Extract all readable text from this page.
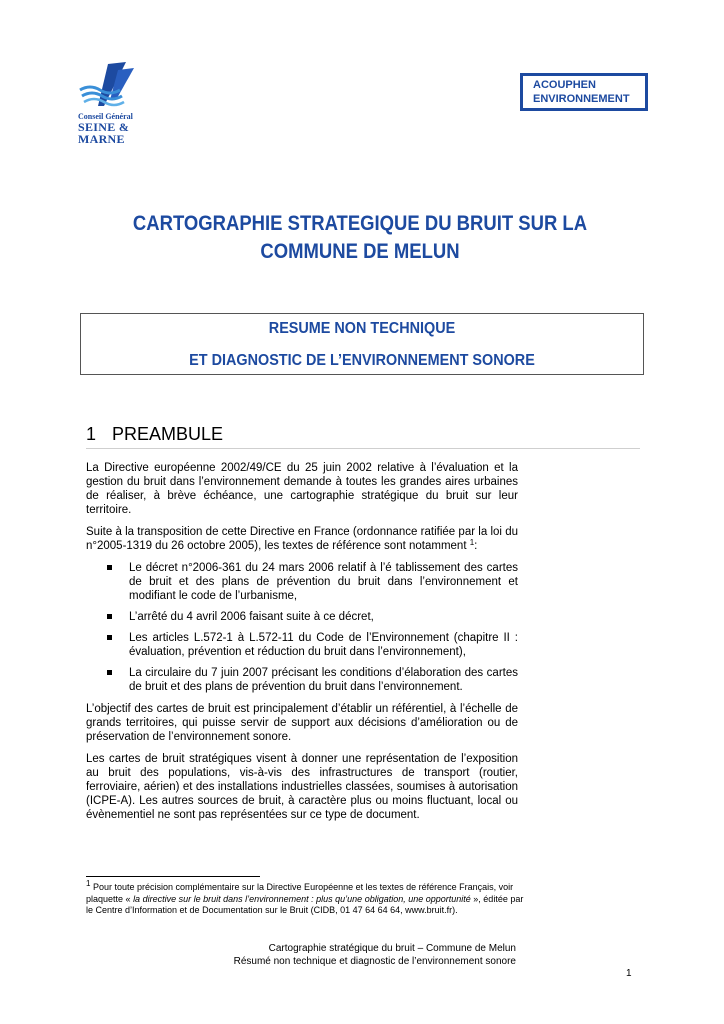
Conseil Général
SEINE &
MARNE
ACOUPHEN
ENVIRONNEMENT
CARTOGRAPHIE STRATEGIQUE DU BRUIT SUR LA
COMMUNE DE MELUN
RESUME NON TECHNIQUE
ET DIAGNOSTIC DE L’ENVIRONNEMENT SONORE
1 PREAMBULE

La Directive européenne 2002/49/CE du 25 juin 2002 relative à l’évaluation et la gestion du bruit dans l’environnement demande à toutes les grandes aires urbaines de réaliser, à brève échéance, une cartographie stratégique du bruit sur leur territoire.

Suite à la transposition de cette Directive en France (ordonnance ratifiée par la loi du n°2005-1319 du 26 octobre 2005), les textes de référence sont notamment $^1$:

Le décret n°2006-361 du 24 mars 2006 relatif à l’é tablissement des cartes de bruit et des plans de prévention du bruit dans l’environnement et modifiant le code de l’urbanisme,
L’arrêté du 4 avril 2006 faisant suite à ce décret,
Les articles L.572-1 à L.572-11 du Code de l’Environnement (chapitre II : évaluation, prévention et réduction du bruit dans l’environnement),
La circulaire du 7 juin 2007 précisant les conditions d’élaboration des cartes de bruit et des plans de prévention du bruit dans l’environnement.

L’objectif des cartes de bruit est principalement d’établir un référentiel, à l’échelle de grands territoires, qui puisse servir de support aux décisions d’amélioration ou de préservation de l’environnement sonore.

Les cartes de bruit stratégiques visent à donner une représentation de l’exposition au bruit des populations, vis-à-vis des infrastructures de transport (routier, ferroviaire, aérien) et des installations industrielles classées, soumises à autorisation (ICPE-A). Les autres sources de bruit, à caractère plus ou moins fluctuant, local ou évènementiel ne sont pas représentées sur ce type de document.

$^1$ Pour toute précision complémentaire sur la Directive Européenne et les textes de référence Français, voir plaquette « la directive sur le bruit dans l’environnement : plus qu’une obligation, une opportunité », éditée par le Centre d’Information et de Documentation sur le Bruit (CIDB, 01 47 64 64 64, www.bruit.fr).
Cartographie stratégique du bruit – Commune de Melun
Résumé non technique et diagnostic de l’environnement sonore
1
